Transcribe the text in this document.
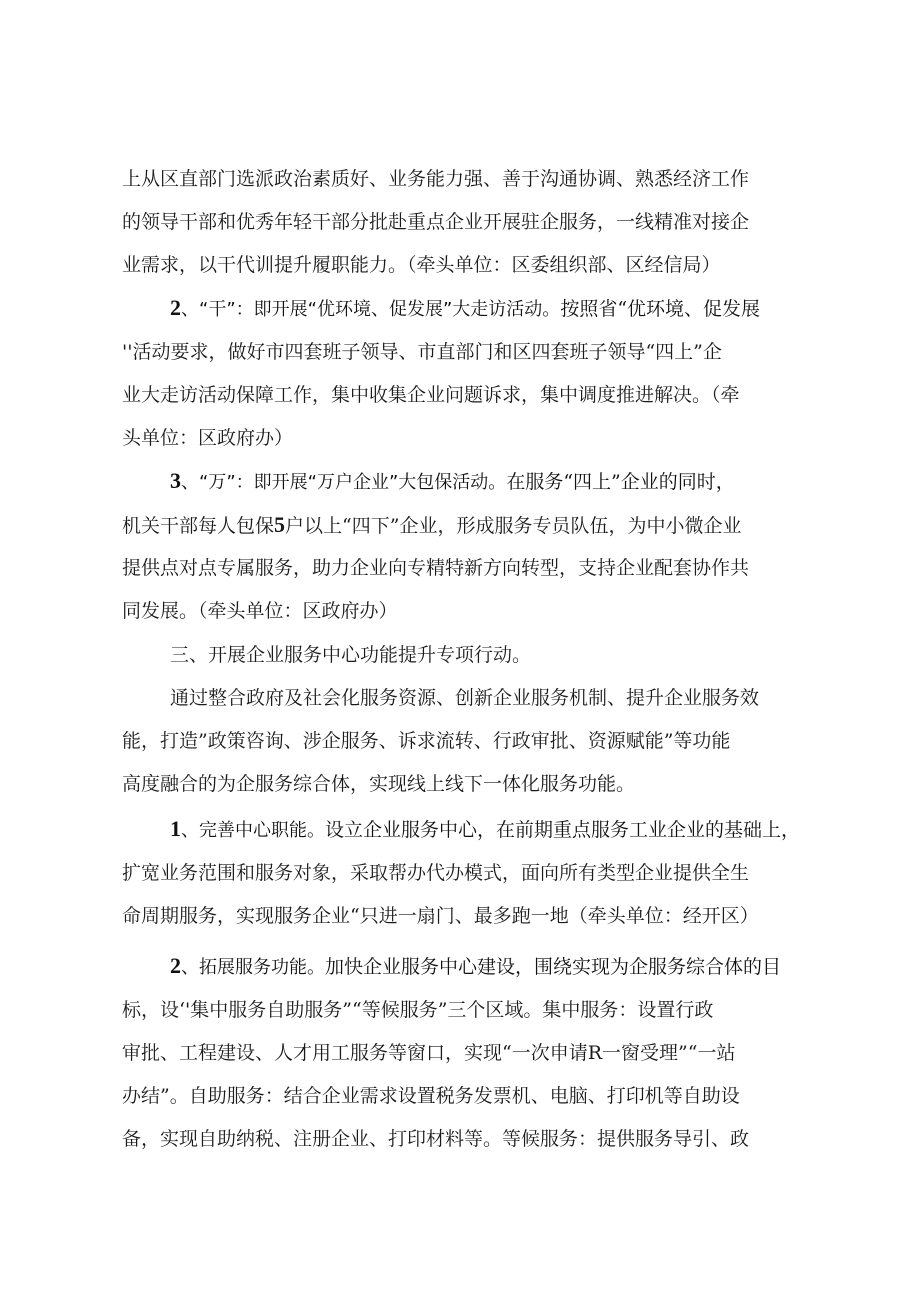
上从区直部门选派政治素质好、业务能力强、善于沟通协调、熟悉经济工作
的领导干部和优秀年轻干部分批赴重点企业开展驻企服务，一线精准对接企
业需求，以干代训提升履职能力。（牵头单位：区委组织部、区经信局）
2、“干”：即开展“优环境、促发展”大走访活动。按照省“优环境、促发展
''活动要求，做好市四套班子领导、市直部门和区四套班子领导“四上”企
业大走访活动保障工作，集中收集企业问题诉求，集中调度推进解决。（牵
头单位：区政府办）
3、“万”：即开展“万户企业”大包保活动。在服务“四上”企业的同时，
机关干部每人包保5户以上“四下”企业，形成服务专员队伍，为中小微企业
提供点对点专属服务，助力企业向专精特新方向转型，支持企业配套协作共
同发展。（牵头单位：区政府办）
三、开展企业服务中心功能提升专项行动。
通过整合政府及社会化服务资源、创新企业服务机制、提升企业服务效
能，打造”政策咨询、涉企服务、诉求流转、行政审批、资源赋能”等功能
高度融合的为企服务综合体，实现线上线下一体化服务功能。
1、完善中心职能。设立企业服务中心，在前期重点服务工业企业的基础上，
扩宽业务范围和服务对象，采取帮办代办模式，面向所有类型企业提供全生
命周期服务，实现服务企业“只进一扇门、最多跑一地（牵头单位：经开区）
2、拓展服务功能。加快企业服务中心建设，围绕实现为企服务综合体的目
标，设‘'集中服务自助服务”“等候服务”三个区域。集中服务：设置行政
审批、工程建设、人才用工服务等窗口，实现“一次申请R一窗受理”“一站
办结”。自助服务：结合企业需求设置税务发票机、电脑、打印机等自助设
备，实现自助纳税、注册企业、打印材料等。等候服务：提供服务导引、政
